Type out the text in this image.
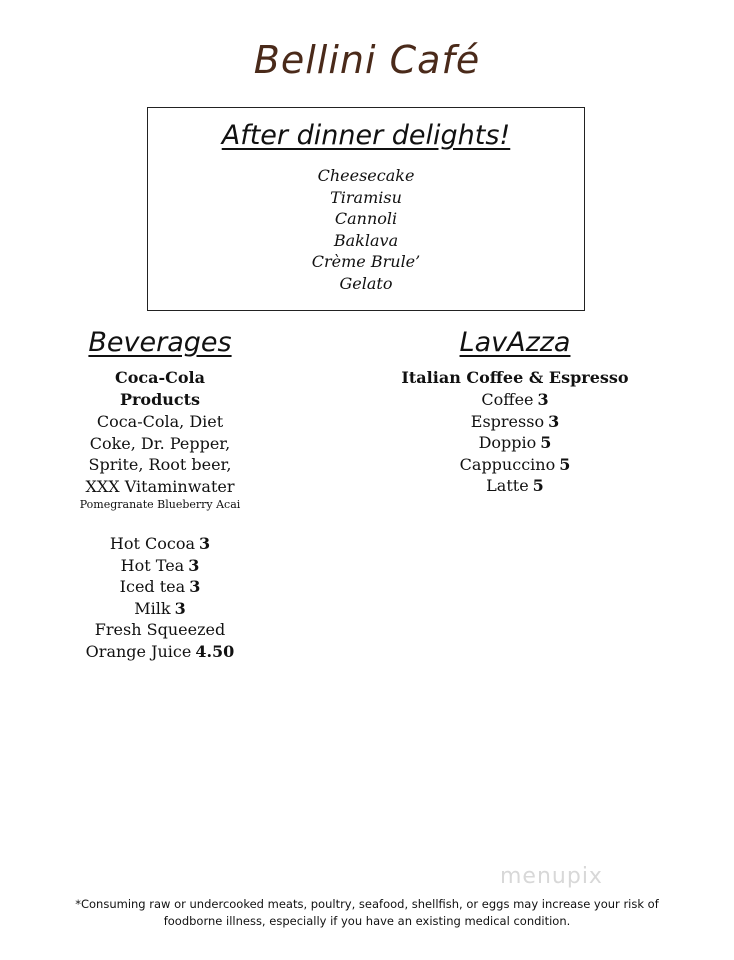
Bellini Café
After dinner delights!
Cheesecake
Tiramisu
Cannoli
Baklava
Crème Brule’
Gelato
Beverages
Coca-Cola
Products
Coca-Cola, Diet
Coke, Dr. Pepper,
Sprite, Root beer,
XXX Vitaminwater
Pomegranate Blueberry Acai
Hot Cocoa 3
Hot Tea 3
Iced tea 3
Milk 3
Fresh Squeezed
Orange Juice 4.50
LavAzza
Italian Coffee & Espresso
Coffee 3
Espresso 3
Doppio 5
Cappuccino 5
Latte 5
menupix
*Consuming raw or undercooked meats, poultry, seafood, shellfish, or eggs may increase your risk of
foodborne illness, especially if you have an existing medical condition.
